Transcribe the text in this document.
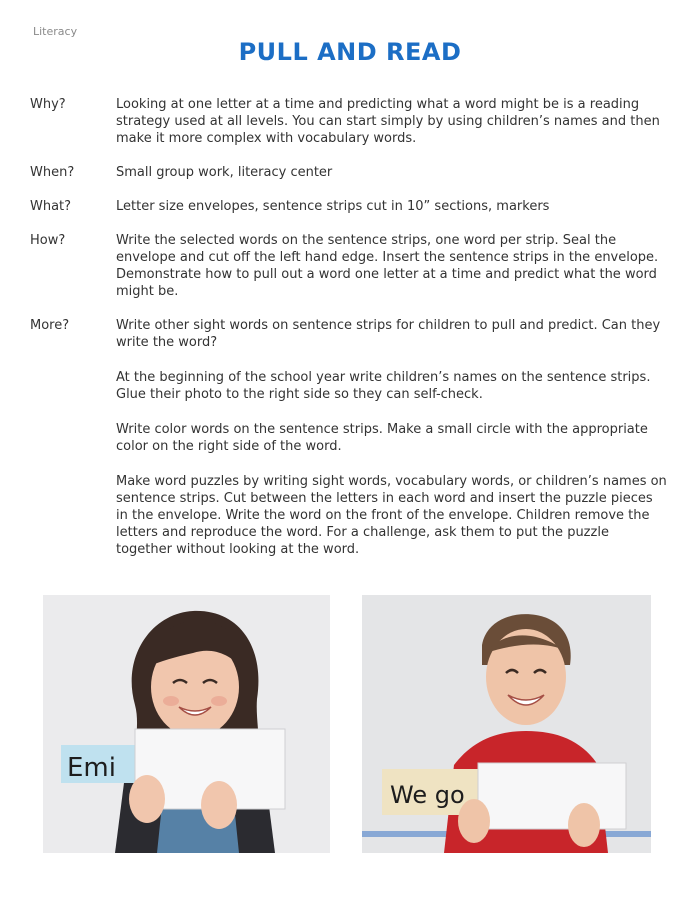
Literacy
PULL AND READ
Why?	Looking at one letter at a time and predicting what a word might be is a reading strategy used at all levels. You can start simply by using children’s names and then make it more complex with vocabulary words.

When?	Small group work, literacy center

What?	Letter size envelopes, sentence strips cut in 10” sections, markers

How?	Write the selected words on the sentence strips, one word per strip. Seal the envelope and cut off the left hand edge. Insert the sentence strips in the envelope. Demonstrate how to pull out a word one letter at a time and predict what the word might be.

More?	Write other sight words on sentence strips for children to pull and predict. Can they write the word?

At the beginning of the school year write children’s names on the sentence strips. Glue their photo to the right side so they can self-check.

Write color words on the sentence strips. Make a small circle with the appropriate color on the right side of the word.

Make word puzzles by writing sight words, vocabulary words, or children’s names on sentence strips. Cut between the letters in each word and insert the puzzle pieces in the envelope. Write the word on the front of the envelope. Children remove the letters and reproduce the word. For a challenge, ask them to put the puzzle together without looking at the word.

Emi
We go
